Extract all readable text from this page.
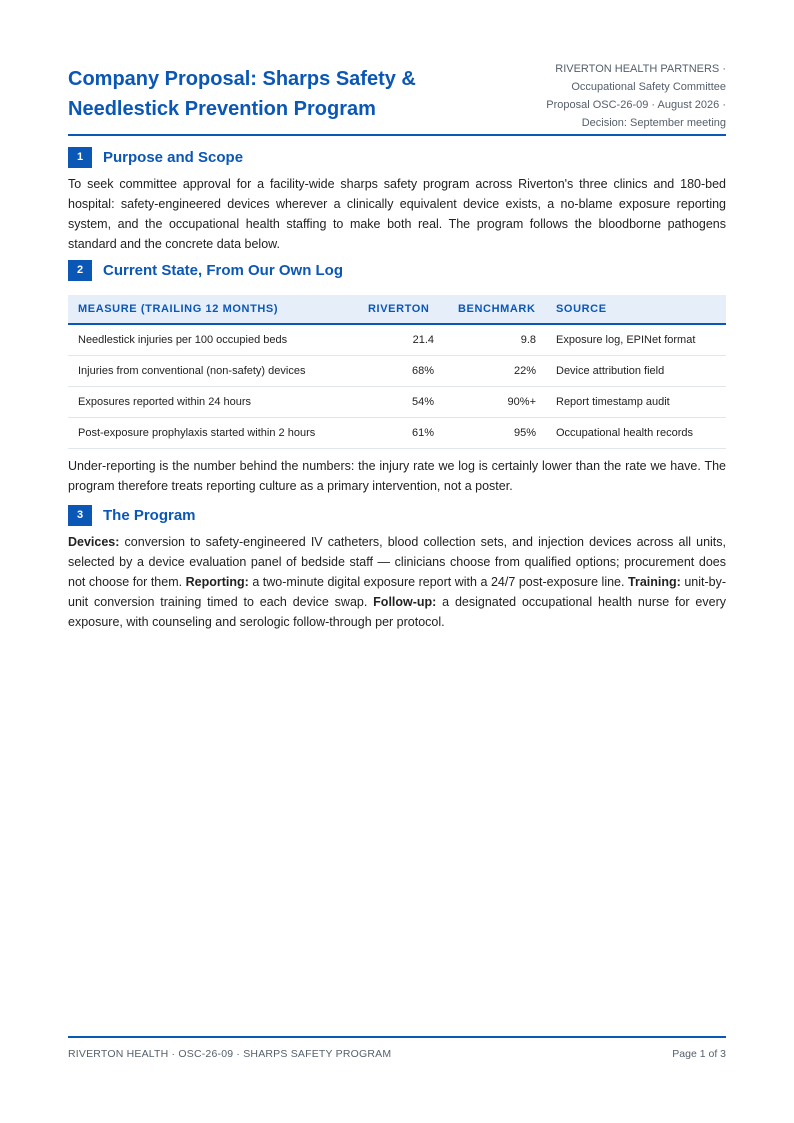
Company Proposal: Sharps Safety & Needlestick Prevention Program
RIVERTON HEALTH PARTNERS ·
Occupational Safety Committee
Proposal OSC-26-09 · August 2026 ·
Decision: September meeting
1	Purpose and Scope

To seek committee approval for a facility-wide sharps safety program across Riverton's three clinics and 180-bed hospital: safety-engineered devices wherever a clinically equivalent device exists, a no-blame exposure reporting system, and the occupational health staffing to make both real. The program follows the bloodborne pathogens standard and the concrete data below.

2	Current State, From Our Own Log
MEASURE (TRAILING 12 MONTHS)	RIVERTON	BENCHMARK	SOURCE
Needlestick injuries per 100 occupied beds	21.4	9.8	Exposure log, EPINet format
Injuries from conventional (non-safety) devices	68%	22%	Device attribution field
Exposures reported within 24 hours	54%	90%+	Report timestamp audit
Post-exposure prophylaxis started within 2 hours	61%	95%	Occupational health records

Under-reporting is the number behind the numbers: the injury rate we log is certainly lower than the rate we have. The program therefore treats reporting culture as a primary intervention, not a poster.

3	The Program

Devices: conversion to safety-engineered IV catheters, blood collection sets, and injection devices across all units, selected by a device evaluation panel of bedside staff — clinicians choose from qualified options; procurement does not choose for them. Reporting: a two-minute digital exposure report with a 24/7 post-exposure line. Training: unit-by-unit conversion training timed to each device swap. Follow-up: a designated occupational health nurse for every exposure, with counseling and serologic follow-through per protocol.

RIVERTON HEALTH · OSC-26-09 · SHARPS SAFETY PROGRAM	Page 1 of 3
